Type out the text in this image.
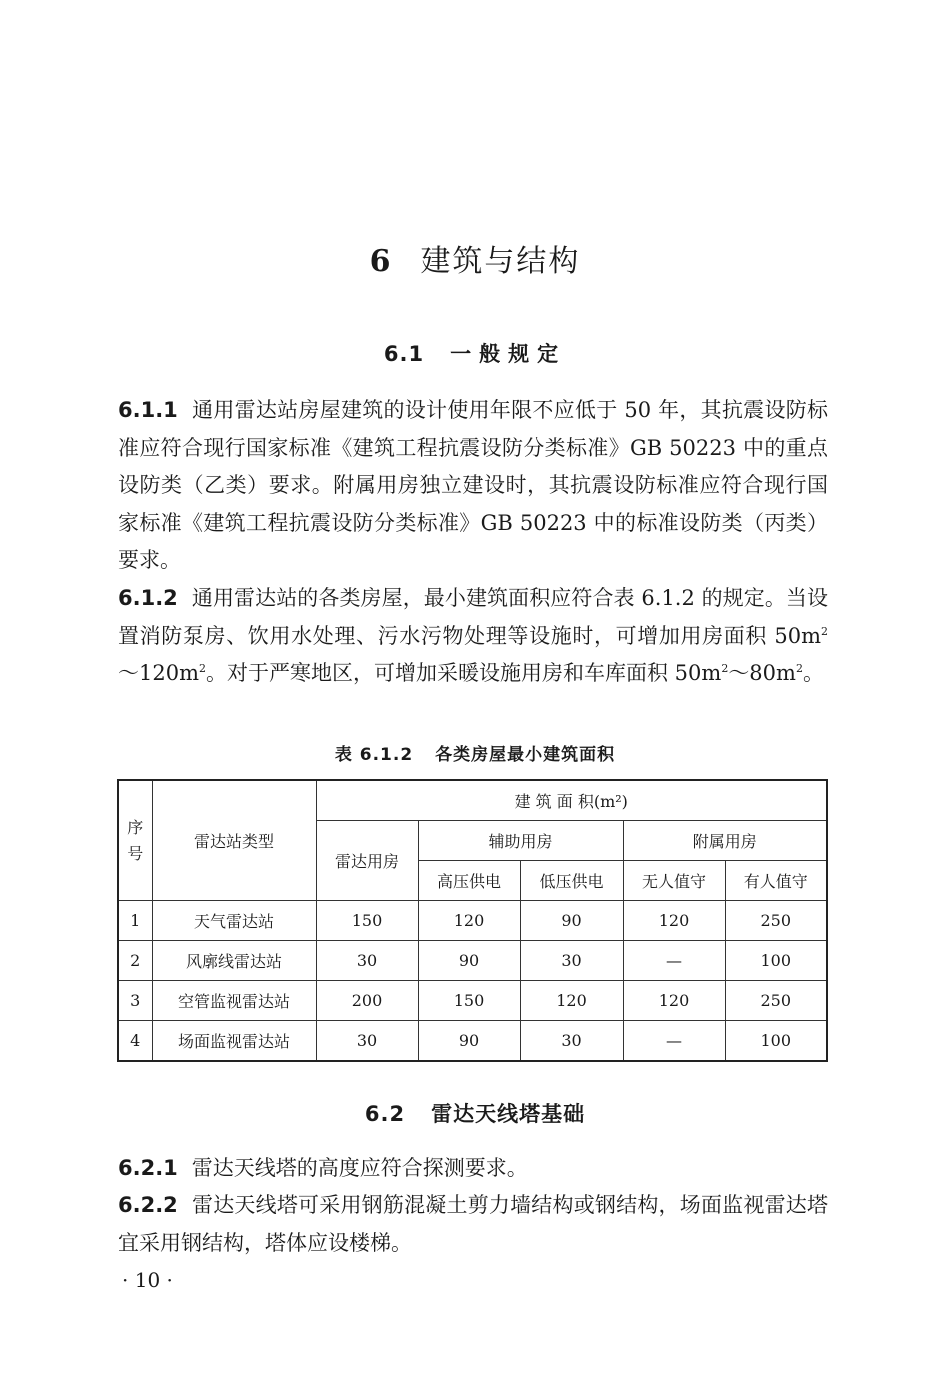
6 建筑与结构
6.1 一般规定
6.1.1 通用雷达站房屋建筑的设计使用年限不应低于 50 年，其抗震设防标准应符合现行国家标准《建筑工程抗震设防分类标准》GB 50223 中的重点设防类（乙类）要求。附属用房独立建设时，其抗震设防标准应符合现行国家标准《建筑工程抗震设防分类标准》GB 50223 中的标准设防类（丙类）要求。
6.1.2 通用雷达站的各类房屋，最小建筑面积应符合表 6.1.2 的规定。当设置消防泵房、饮用水处理、污水污物处理等设施时，可增加用房面积 $50m^2\sim 120m^2$。对于严寒地区，可增加采暖设施用房和车库面积 $50m^2\sim 80m^2$。
表 6.1.2 各类房屋最小建筑面积
序号	雷达站类型	建 筑 面 积(m²)				
		雷达用房	辅助用房		附属用房	
			高压供电	低压供电	无人值守	有人值守
1	天气雷达站	150	120	90	120	250
2	风廓线雷达站	30	90	30	—	100
3	空管监视雷达站	200	150	120	120	250
4	场面监视雷达站	30	90	30	—	100
6.2 雷达天线塔基础
6.2.1 雷达天线塔的高度应符合探测要求。
6.2.2 雷达天线塔可采用钢筋混凝土剪力墙结构或钢结构，场面监视雷达塔宜采用钢结构，塔体应设楼梯。
· 10 ·
